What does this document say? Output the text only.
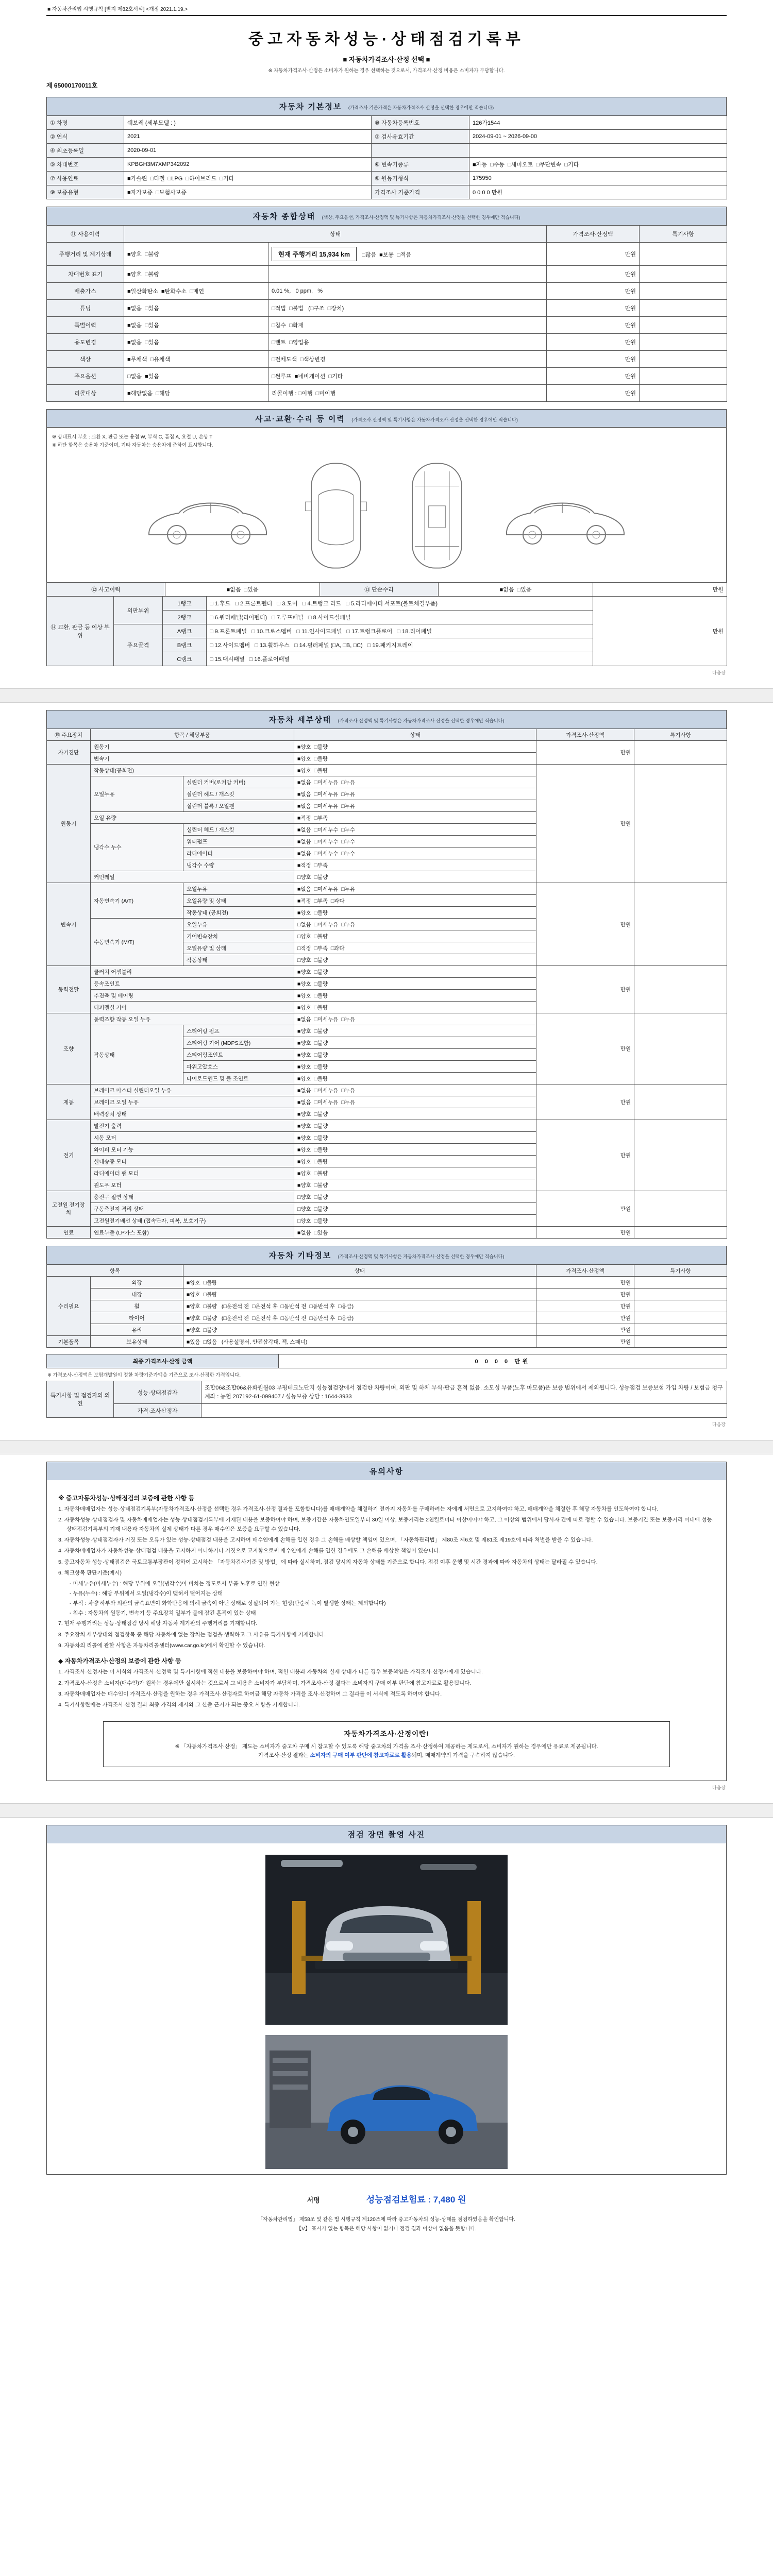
■ 자동차관리법 시행규칙 [별지 제82호서식] <개정 2021.1.19.>
중고자동차성능·상태점검기록부
■ 자동차가격조사·산정 선택 ■
※ 자동차가격조사·산정은 소비자가 원하는 경우 선택하는 것으로서, 가격조사·산정 비용은 소비자가 부담합니다.
제 65000170011호
자동차 기본정보 (가격조사 기준가격은 자동차가격조사·산정을 선택한 경우에만 적습니다)
① 차명	쉐보레 (세부모델 : )	⑩ 자동차등록번호	126가1544
② 연식	2021	③ 검사유효기간	2024-09-01 ~ 2026-09-00
④ 최초등록일	2020-09-01		
⑤ 차대번호	KPBGH3M7XMP342092	⑥ 변속기종류	■자동  □수동  □세미오토  □무단변속  □기타
⑦ 사용연료	■가솔린  □디젤  □LPG  □하이브리드  □기타	⑧ 원동기형식	175950
⑨ 보증유형	■자가보증  □보험사보증	가격조사 기준가격	0 0 0 0 만원
자동차 종합상태 (색상, 주요옵션, 가격조사·산정액 및 특기사항은 자동차가격조사·산정을 선택한 경우에만 적습니다)
⑪ 사용이력	상태		가격조사·산정액	특기사항
주행거리 및 계기상태	■양호  □불량	현재 주행거리 15,934 km □많음  ■보통  □적음	만원	
차대번호 표기	■양호  □불량		만원	
배출가스	■일산화탄소  ■탄화수소  □매연	0.01 %,   0 ppm,   %	만원	
튜닝	■없음  □있음	□적법  □불법   (□구조  □장치)	만원	
특별이력	■없음  □있음	□침수  □화재	만원	
용도변경	■없음  □있음	□렌트  □영업용	만원	
색상	■무채색  □유채색	□전체도색  □색상변경	만원	
주요옵션	□없음  ■있음	□썬루프  ■네비게이션  □기타	만원	
리콜대상	■해당없음  □해당	리콜이행 : □이행  □미이행	만원	
사고·교환·수리 등 이력 (가격조사·산정액 및 특기사항은 자동차가격조사·산정을 선택한 경우에만 적습니다)
※ 상태표시 부호 : 교환 X, 판금 또는 용접 W, 부식 C, 흠집 A, 요철 U, 손상 T
※ 하단 항목은 승용차 기준이며, 기타 자동차는 승용차에 준하여 표시합니다.
⑫ 사고이력	■없음  □있음	⑬ 단순수리	■없음  □있음	만원
⑭ 교환, 판금 등 이상 부위	외판부위	1랭크	□ 1.후드   □ 2.프론트펜더   □ 3.도어   □ 4.트렁크 리드   □ 5.라디에이터 서포트(볼트체결부품)	만원
		2랭크	□ 6.쿼터패널(리어펜더)   □ 7.루프패널   □ 8.사이드실패널	
	주요골격	A랭크	□ 9.프론트패널   □ 10.크로스멤버   □ 11.인사이드패널   □ 17.트렁크플로어   □ 18.리어패널	
		B랭크	□ 12.사이드멤버   □ 13.휠하우스   □ 14.필러패널 (□A, □B, □C)   □ 19.패키지트레이	
		C랭크	□ 15.대시패널   □ 16.플로어패널	
다음장
자동차 세부상태 (가격조사·산정액 및 특기사항은 자동차가격조사·산정을 선택한 경우에만 적습니다)
⑮ 주요장치	항목 / 해당부품		상태	가격조사·산정액	특기사항
자기진단	원동기		■양호  □불량	만원	
	변속기		■양호  □불량		
원동기	작동상태(공회전)		■양호  □불량	만원	
	오일누유	실린더 커버(로커암 커버)	■없음  □미세누유  □누유		
		실린더 헤드 / 개스킷	■없음  □미세누유  □누유		
		실린더 블록 / 오일팬	■없음  □미세누유  □누유		
	오일 유량		■적정  □부족		
	냉각수 누수	실린더 헤드 / 개스킷	■없음  □미세누수  □누수		
		워터펌프	■없음  □미세누수  □누수		
		라디에이터	■없음  □미세누수  □누수		
		냉각수 수량	■적정  □부족		
	커먼레일		□양호  □불량		
변속기	자동변속기 (A/T)	오일누유	■없음  □미세누유  □누유	만원	
		오일유량 및 상태	■적정  □부족  □과다		
		작동상태 (공회전)	■양호  □불량		
	수동변속기 (M/T)	오일누유	□없음  □미세누유  □누유		
		기어변속장치	□양호  □불량		
		오일유량 및 상태	□적정  □부족  □과다		
		작동상태	□양호  □불량		
동력전달	클러치 어셈블리		■양호  □불량	만원	
	등속조인트		■양호  □불량		
	추진축 및 베어링		■양호  □불량		
	디퍼렌셜 기어		■양호  □불량		
조향	동력조향 작동 오일 누유		■없음  □미세누유  □누유	만원	
	작동상태	스티어링 펌프	■양호  □불량		
		스티어링 기어 (MDPS포함)	■양호  □불량		
		스티어링조인트	■양호  □불량		
		파워고압호스	■양호  □불량		
		타이로드엔드 및 볼 조인트	■양호  □불량		
제동	브레이크 마스터 실린더오일 누유		■없음  □미세누유  □누유	만원	
	브레이크 오일 누유		■없음  □미세누유  □누유		
	배력장치 상태		■양호  □불량		
전기	발전기 출력		■양호  □불량	만원	
	시동 모터		■양호  □불량		
	와이퍼 모터 기능		■양호  □불량		
	실내송풍 모터		■양호  □불량		
	라디에이터 팬 모터		■양호  □불량		
	윈도우 모터		■양호  □불량		
고전원 전기장치	충전구 절연 상태		□양호  □불량	만원	
	구동축전지 격리 상태		□양호  □불량		
	고전원전기배선 상태 (접속단자, 피복, 보호기구)		□양호  □불량		
연료	연료누출 (LP가스 포함)		■없음  □있음	만원	
자동차 기타정보 (가격조사·산정액 및 특기사항은 자동차가격조사·산정을 선택한 경우에만 적습니다)
항목		상태	가격조사·산정액	특기사항
수리필요	외장	■양호  □불량	만원	
	내장	■양호  □불량	만원	
	휠	■양호  □불량   (□운전석 전  □운전석 후  □동반석 전  □동반석 후  □응급)	만원	
	타이어	■양호  □불량   (□운전석 전  □운전석 후  □동반석 전  □동반석 후  □응급)	만원	
	유리	■양호  □불량	만원	
기본품목	보유상태	■있음  □없음   (사용설명서, 안전삼각대, 잭, 스패너)	만원	
최종 가격조사·산정 금액	0 0 0 0 만원
※ 가격조사·산정액은 보험개발원이 정한 차량기준가액을 기준으로 조사·산정한 가격입니다.
특기사항 및 점검자의 의견	성능·상태점검자	조합06&조합06&유화원월03 부평테크노단지 성능점검장에서 점검한 차량이며, 외판 및 하체 부식·판금 흔적 없음. 소모성 부품(노후 마모품)은 보증 범위에서 제외됩니다. 성능점검 보증보험 가입 차량 / 보험금 청구 계좌 : 농협 207192-61-099407 / 성능보증 상담 : 1644-3933
	가격·조사산정자	
다음장
유의사항
※ 중고자동차성능·상태점검의 보증에 관한 사항 등
1. 자동차매매업자는 성능·상태점검기록부(자동차가격조사·산정을 선택한 경우 가격조사·산정 결과를 포함합니다)를 매매계약을 체결하기 전까지 자동차를 구매하려는 자에게 서면으로 고지하여야 하고, 매매계약을 체결한 후 해당 자동차를 인도하여야 합니다.
2. 자동차성능·상태점검자 및 자동차매매업자는 성능·상태점검기록부에 기재된 내용을 보증하여야 하며, 보증기간은 자동차인도일부터 30일 이상, 보증거리는 2천킬로미터 이상이어야 하고, 그 이상의 범위에서 당사자 간에 따로 정할 수 있습니다. 보증기간 또는 보증거리 이내에 성능·상태점검기록부의 기재 내용과 자동차의 실제 상태가 다른 경우 매수인은 보증을 요구할 수 있습니다.
3. 자동차성능·상태점검자가 거짓 또는 오류가 있는 성능·상태점검 내용을 고지하여 매수인에게 손해를 입힌 경우 그 손해를 배상할 책임이 있으며, 「자동차관리법」 제80조 제6호 및 제81조 제19호에 따라 처벌을 받을 수 있습니다.
4. 자동차매매업자가 자동차성능·상태점검 내용을 고지하지 아니하거나 거짓으로 고지함으로써 매수인에게 손해를 입힌 경우에도 그 손해를 배상할 책임이 있습니다.
5. 중고자동차 성능·상태점검은 국토교통부장관이 정하여 고시하는 「자동차검사기준 및 방법」에 따라 실시하며, 점검 당시의 자동차 상태를 기준으로 합니다. 점검 이후 운행 및 시간 경과에 따라 자동차의 상태는 달라질 수 있습니다.
6. 체크항목 판단기준(예시)
- 미세누유(미세누수) : 해당 부위에 오일(냉각수)이 비치는 정도로서 부품 노후로 인한 현상
- 누유(누수) : 해당 부위에서 오일(냉각수)이 맺혀서 떨어지는 상태
- 부식 : 차량 하부와 외판의 금속표면이 화학반응에 의해 금속이 아닌 상태로 상실되어 가는 현상(단순히 녹이 발생한 상태는 제외합니다)
- 침수 : 자동차의 원동기, 변속기 등 주요장치 일부가 물에 잠긴 흔적이 있는 상태
7. 현재 주행거리는 성능·상태점검 당시 해당 자동차 계기판의 주행거리를 기재합니다.
8. 주요장치 세부상태의 점검항목 중 해당 자동차에 없는 장치는 점검을 생략하고 그 사유를 특기사항에 기재합니다.
9. 자동차의 리콜에 관한 사항은 자동차리콜센터(www.car.go.kr)에서 확인할 수 있습니다.
◆ 자동차가격조사·산정의 보증에 관한 사항 등
1. 가격조사·산정자는 이 서식의 가격조사·산정액 및 특기사항에 적힌 내용을 보증하여야 하며, 적힌 내용과 자동차의 실제 상태가 다른 경우 보증책임은 가격조사·산정자에게 있습니다.
2. 가격조사·산정은 소비자(매수인)가 원하는 경우에만 실시하는 것으로서 그 비용은 소비자가 부담하며, 가격조사·산정 결과는 소비자의 구매 여부 판단에 참고자료로 활용됩니다.
3. 자동차매매업자는 매수인이 가격조사·산정을 원하는 경우 가격조사·산정자로 하여금 해당 자동차 가격을 조사·산정하여 그 결과를 이 서식에 적도록 하여야 합니다.
4. 특기사항란에는 가격조사·산정 결과 최종 가격의 제시와 그 산출 근거가 되는 중요 사항을 기재합니다.
자동차가격조사·산정이란!
※ 「자동차가격조사·산정」 제도는 소비자가 중고차 구매 시 참고할 수 있도록 해당 중고차의 가격을 조사·산정하여 제공하는 제도로서, 소비자가 원하는 경우에만 유료로 제공됩니다.
가격조사·산정 결과는 소비자의 구매 여부 판단에 참고자료로 활용되며, 매매계약의 가격을 구속하지 않습니다.
다음장
점검 장면 촬영 사진
서명	성능점검보험료 : 7,480 원
「자동차관리법」 제58조 및 같은 법 시행규칙 제120조에 따라 중고자동차의 성능·상태를 점검하였음을 확인합니다.
【V】 표시가 없는 항목은 해당 사항이 없거나 점검 결과 이상이 없음을 뜻합니다.
